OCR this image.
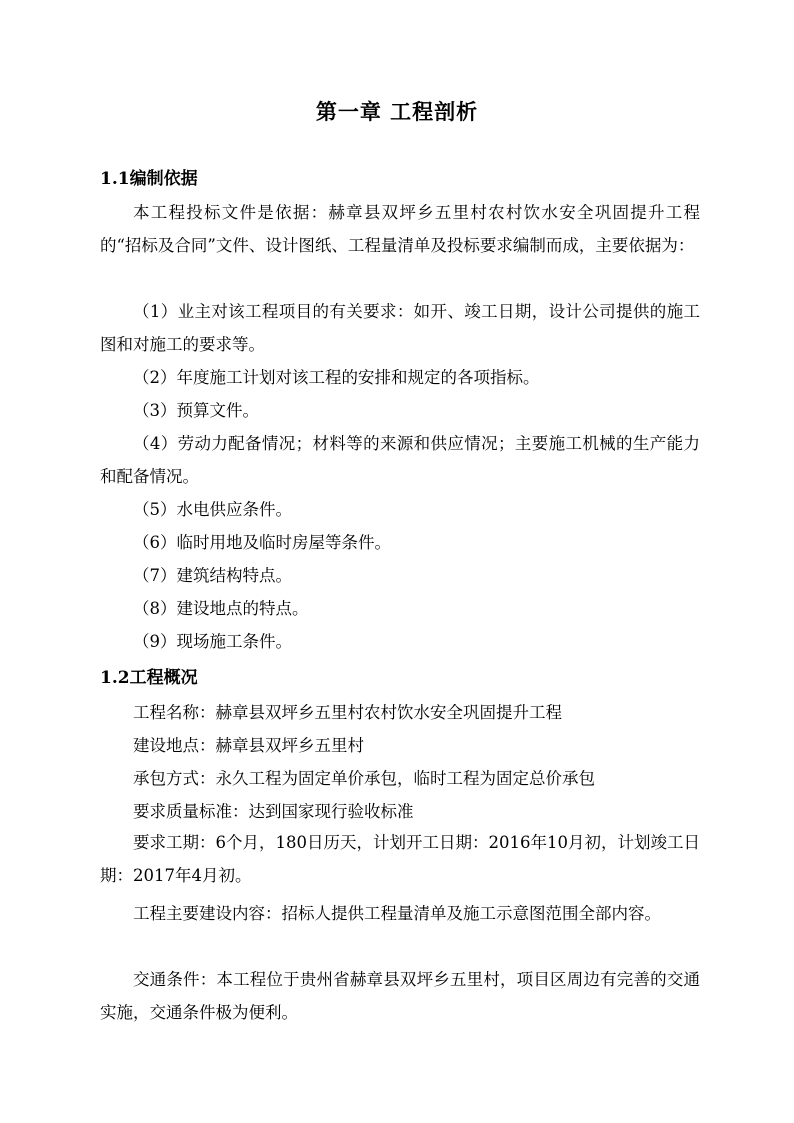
第一章 工程剖析
1.1编制依据

本工程投标文件是依据：赫章县双坪乡五里村农村饮水安全巩固提升工程的“招标及合同”文件、设计图纸、工程量清单及投标要求编制而成，主要依据为：

（1）业主对该工程项目的有关要求：如开、竣工日期，设计公司提供的施工图和对施工的要求等。

（2）年度施工计划对该工程的安排和规定的各项指标。

（3）预算文件。

（4）劳动力配备情况；材料等的来源和供应情况；主要施工机械的生产能力和配备情况。

（5）水电供应条件。

（6）临时用地及临时房屋等条件。

（7）建筑结构特点。

（8）建设地点的特点。

（9）现场施工条件。

1.2工程概况
工程名称：赫章县双坪乡五里村农村饮水安全巩固提升工程
建设地点：赫章县双坪乡五里村
承包方式：永久工程为固定单价承包，临时工程为固定总价承包
要求质量标准：达到国家现行验收标准

要求工期：6个月，180日历天，计划开工日期：2016年10月初，计划竣工日期：2017年4月初。

工程主要建设内容：招标人提供工程量清单及施工示意图范围全部内容。

交通条件：本工程位于贵州省赫章县双坪乡五里村，项目区周边有完善的交通实施，交通条件极为便利。
